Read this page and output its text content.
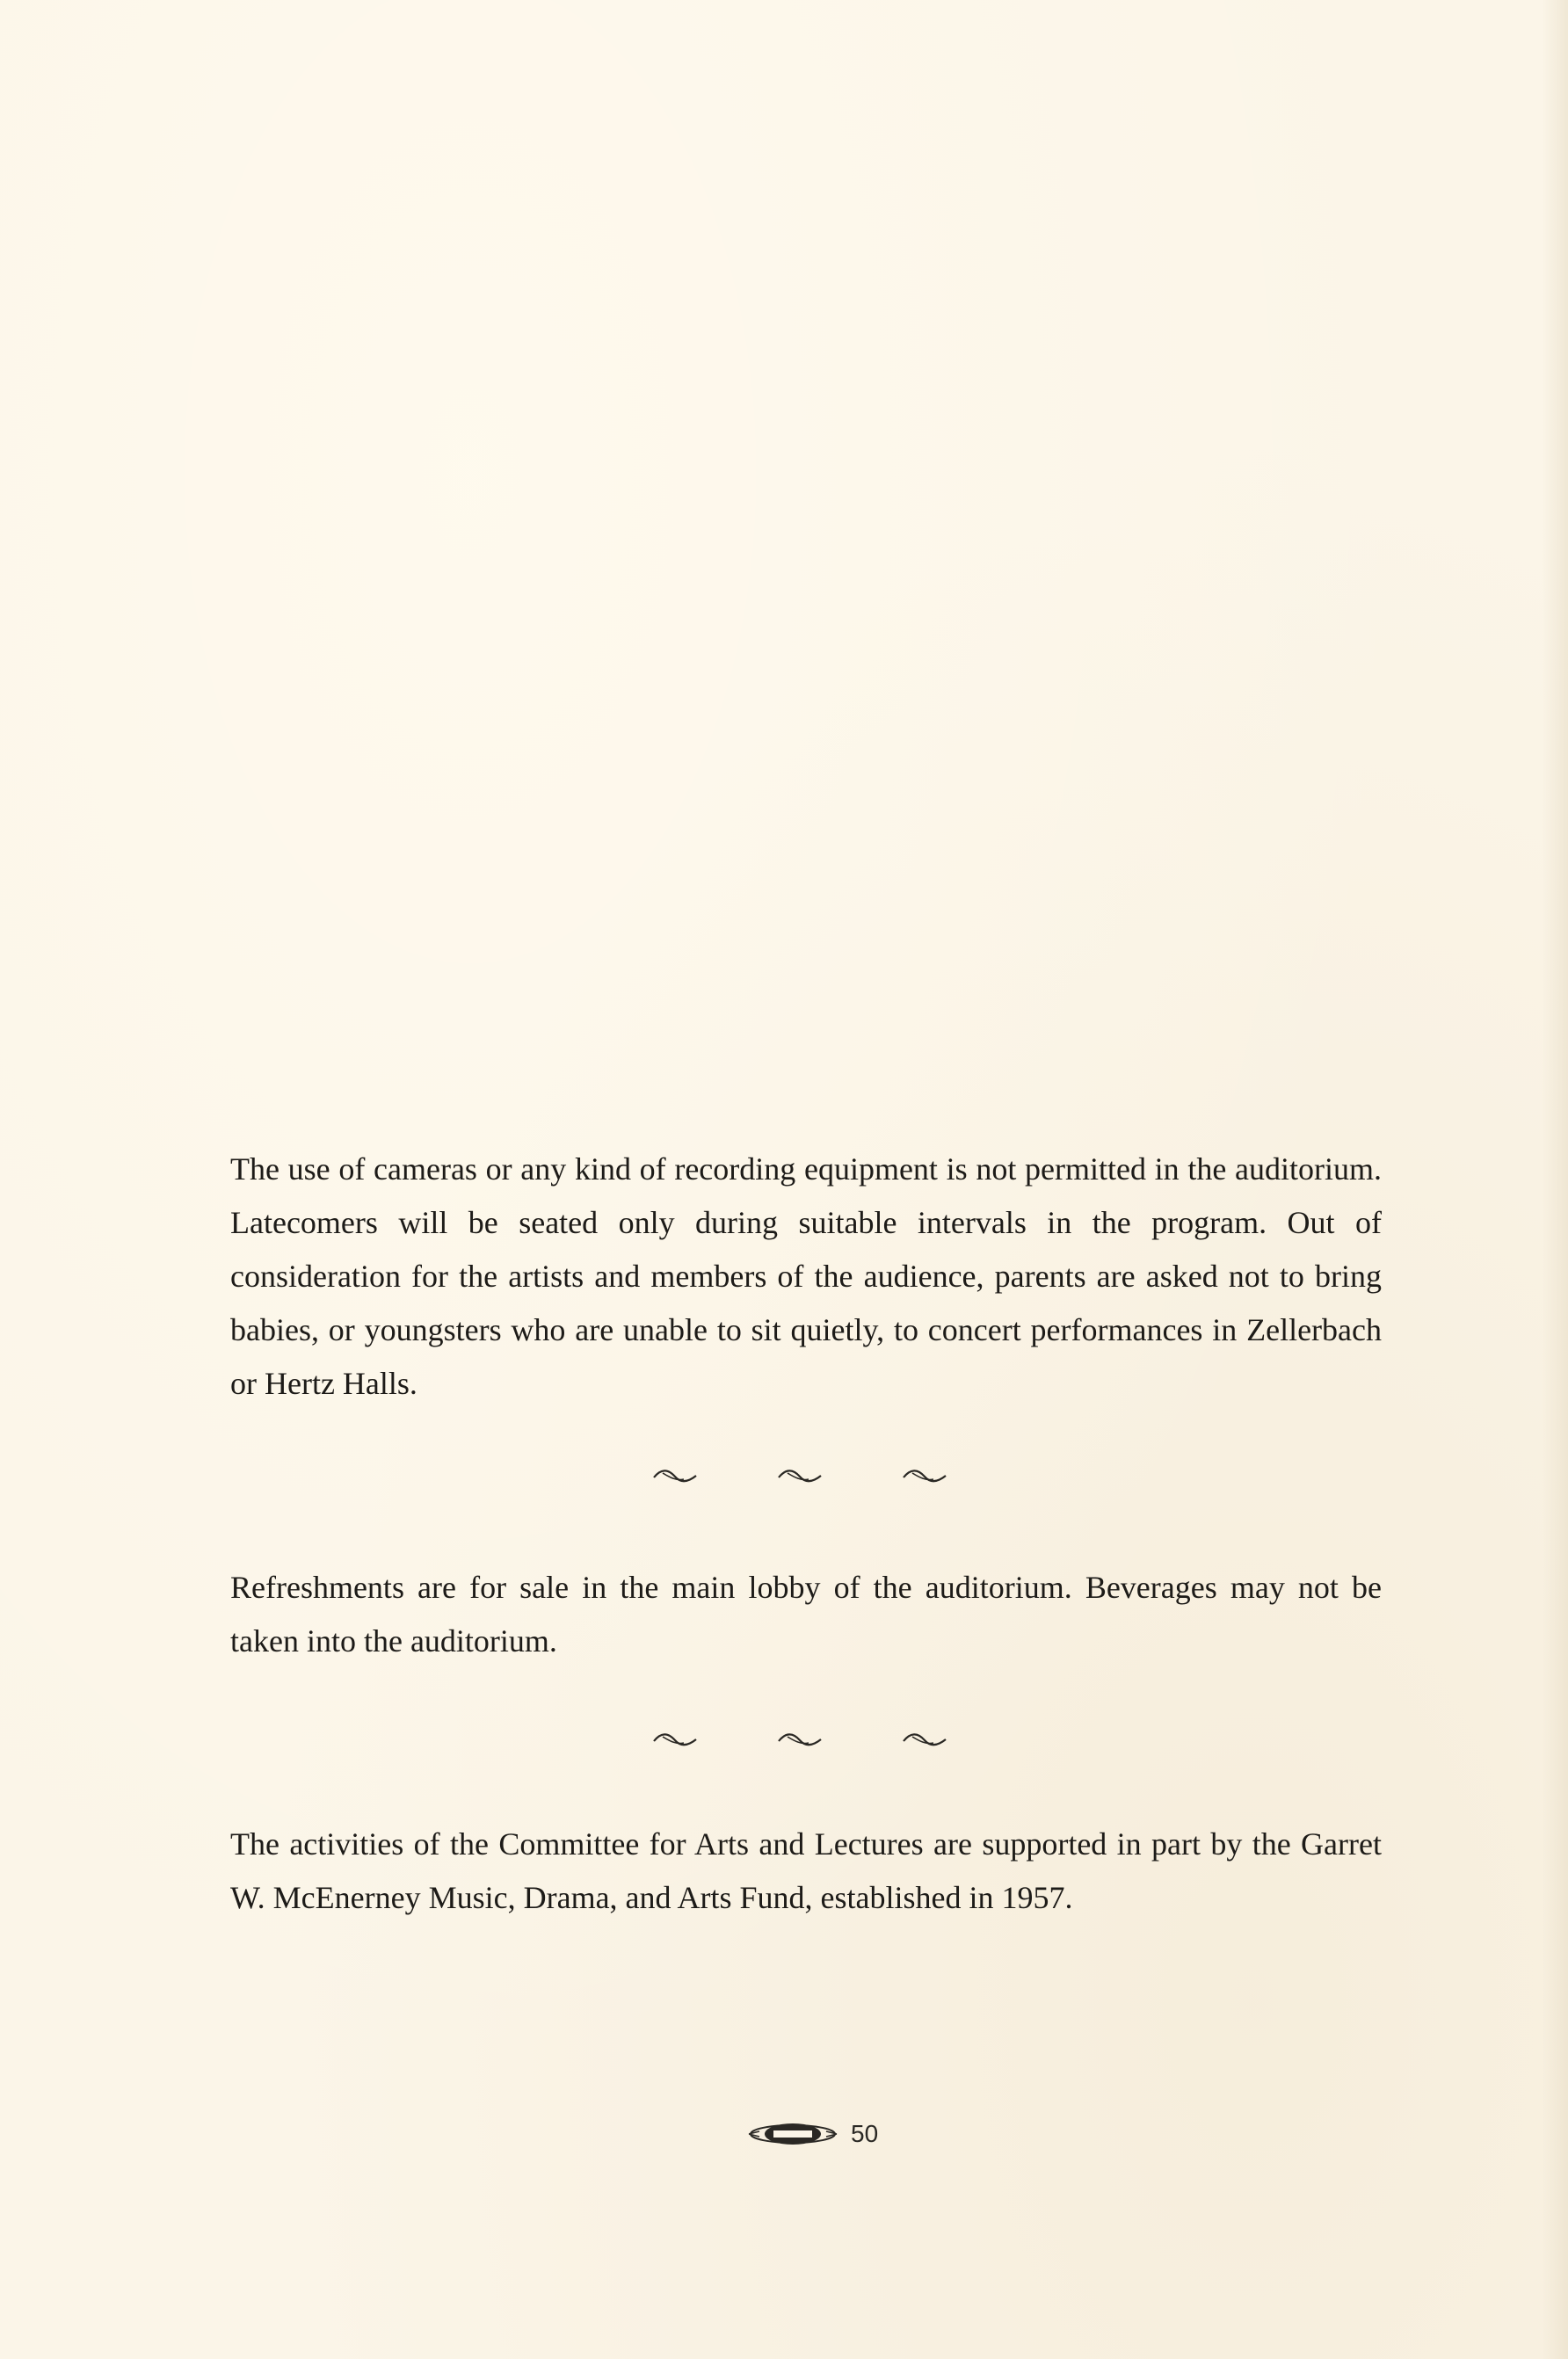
The use of cameras or any kind of recording equipment is not permitted in the auditorium. Latecomers will be seated only during suitable intervals in the program. Out of consideration for the artists and members of the audience, parents are asked not to bring babies, or youngsters who are unable to sit quietly, to concert performances in Zellerbach or Hertz Halls.

Refreshments are for sale in the main lobby of the auditorium. Beverages may not be taken into the auditorium.

The activities of the Committee for Arts and Lectures are supported in part by the Garret W. McEnerney Music, Drama, and Arts Fund, established in 1957.

50
